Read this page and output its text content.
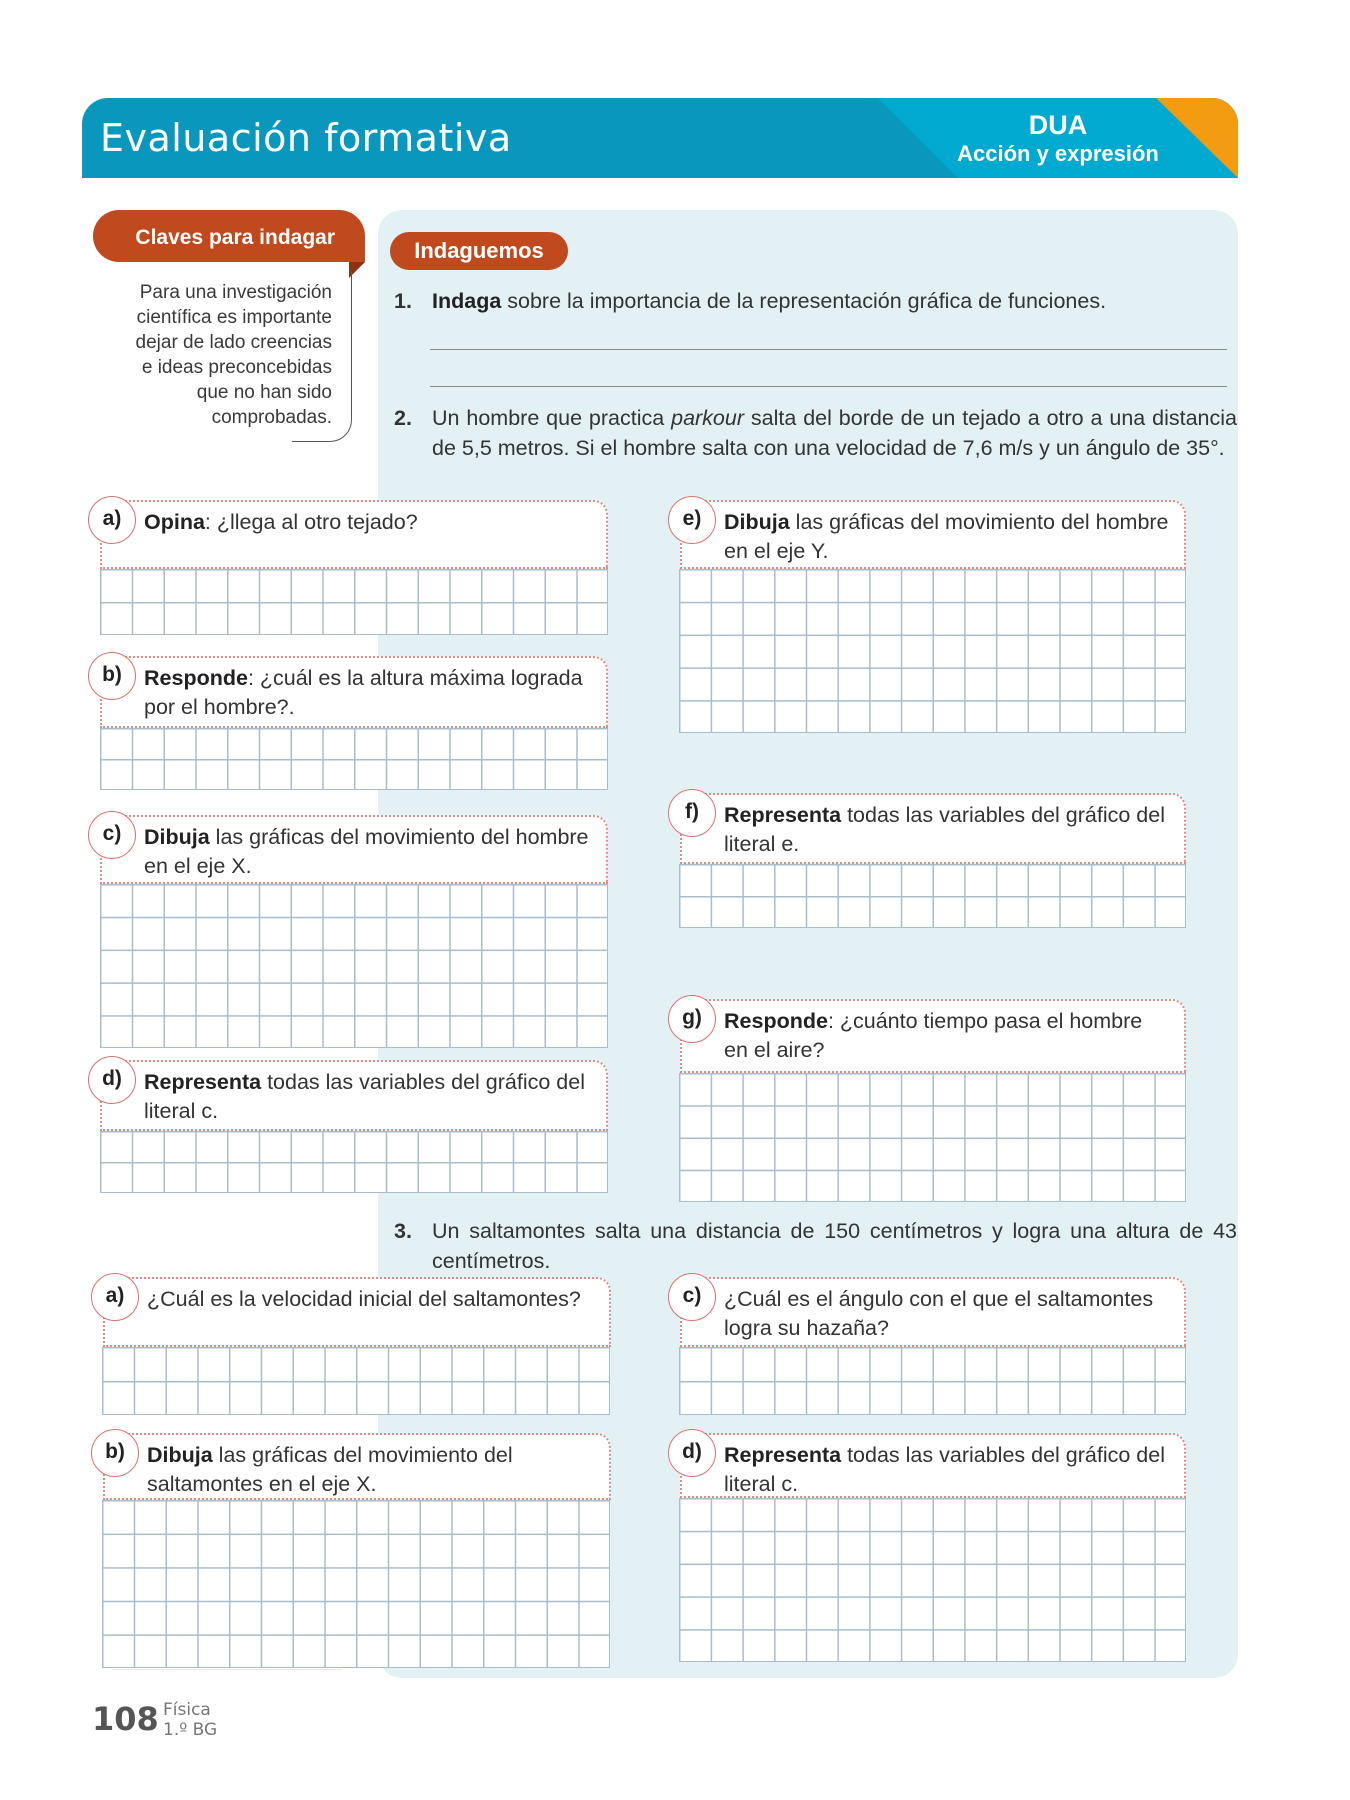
Evaluación formativa	DUA
Acción y expresión
Claves para indagar
Para una investigación
científica es importante
dejar de lado creencias
e ideas preconcebidas
que no han sido
comprobadas.
Indaguemos
1. Indaga sobre la importancia de la representación gráfica de funciones.
2. Un hombre que practica parkour salta del borde de un tejado a otro a una distancia de 5,5 metros. Si el hombre salta con una velocidad de 7,6 m/s y un ángulo de 35°.
a)	Opina: ¿llega al otro tejado?	e)	Dibuja las gráficas del movimiento del hombre en el eje Y.
b)	Responde: ¿cuál es la altura máxima lograda por el hombre?.
f)	Representa todas las variables del gráfico del literal e.
c)	Dibuja las gráficas del movimiento del hombre en el eje X.
g)	Responde: ¿cuánto tiempo pasa el hombre en el aire?
d)	Representa todas las variables del gráfico del literal c.
3. Un saltamontes salta una distancia de 150 centímetros y logra una altura de 43 centímetros.
a)	¿Cuál es la velocidad inicial del saltamontes?	c)	¿Cuál es el ángulo con el que el saltamontes logra su hazaña?
b)	Dibuja las gráficas del movimiento del saltamontes en el eje X.
d)	Representa todas las variables del gráfico del literal c.
108 Física
1.º BG
